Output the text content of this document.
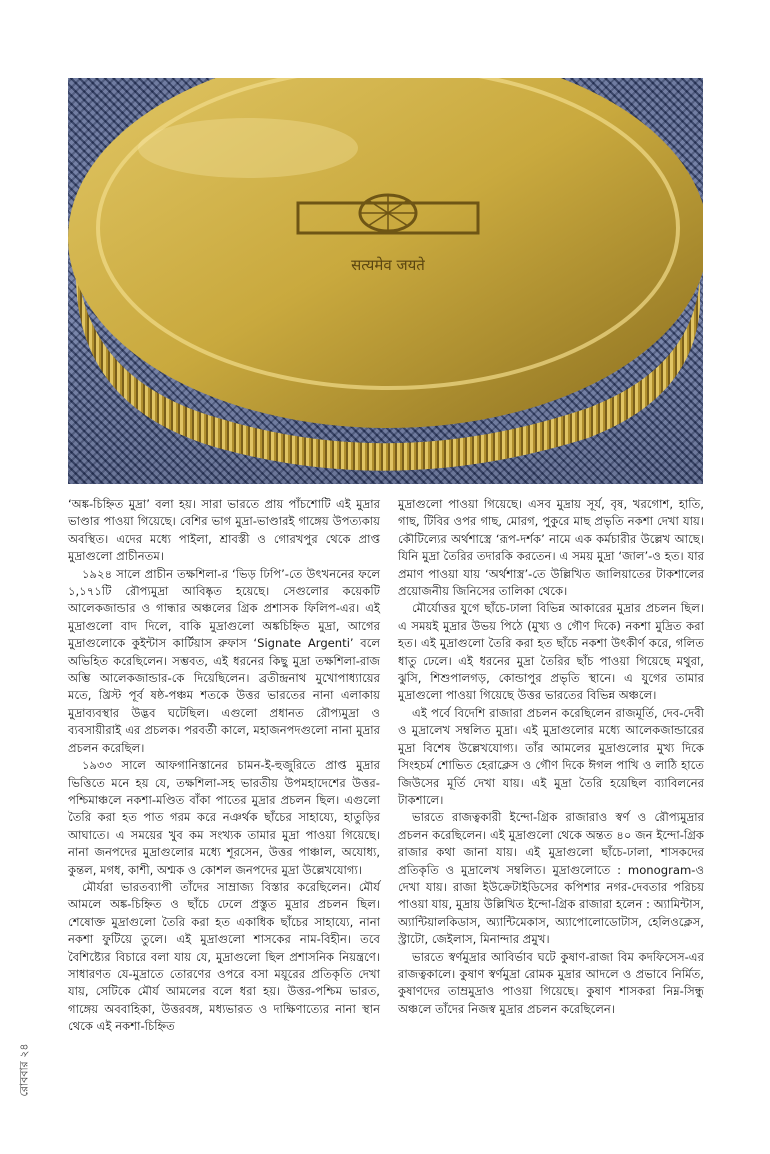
सत्यमेव जयते

‘অঙ্ক-চিহ্নিত মুদ্রা’ বলা হয়। সারা ভারতে প্রায় পাঁচশোটি এই মুদ্রার ভাণ্ডার পাওয়া গিয়েছে। বেশির ভাগ মুদ্রা-ভাণ্ডারই গাঙ্গেয় উপত্যকায় অবস্থিত। এদের মধ্যে পাইলা, শ্রাবস্তী ও গোরখপুর থেকে প্রাপ্ত মুদ্রাগুলো প্রাচীনতম।

১৯২৪ সালে প্রাচীন তক্ষশিলা-র ‘ভিড় ঢিপি’-তে উৎখননের ফলে ১,১৭১টি রৌপ্যমুদ্রা আবিষ্কৃত হয়েছে। সেগুলোর কয়েকটি আলেকজান্ডার ও গান্ধার অঞ্চলের গ্রিক প্রশাসক ফিলিপ-এর। এই মুদ্রাগুলো বাদ দিলে, বাকি মুদ্রাগুলো অঙ্কচিহ্নিত মুদ্রা, আগের মুদ্রাগুলোকে কুইন্টাস কার্টিয়াস রুফাস ‘Signate Argenti’ বলে অভিহিত করেছিলেন। সম্ভবত, এই ধরনের কিছু মুদ্রা তক্ষশিলা-রাজ অম্ভি আলেকজান্ডার-কে দিয়েছিলেন। ব্রতীন্দ্রনাথ মুখোপাধ্যায়ের মতে, খ্রিস্ট পূর্ব ষষ্ঠ-পঞ্চম শতকে উত্তর ভারতের নানা এলাকায় মুদ্রাব্যবস্থার উদ্ভব ঘটেছিল। এগুলো প্রধানত রৌপ্যমুদ্রা ও ব্যবসায়ীরাই এর প্রচলক। পরবর্তী কালে, মহাজনপদগুলো নানা মুদ্রার প্রচলন করেছিল।

১৯৩৩ সালে আফগানিস্তানের চামন-ই-হুজুরিতে প্রাপ্ত মুদ্রার ভিত্তিতে মনে হয় যে, তক্ষশিলা-সহ ভারতীয় উপমহাদেশের উত্তর-পশ্চিমাঞ্চলে নকশা-মণ্ডিত বাঁকা পাতের মুদ্রার প্রচলন ছিল। এগুলো তৈরি করা হত পাত গরম করে নঞর্থক ছাঁচের সাহায্যে, হাতুড়ির আঘাতে। এ সময়ের খুব কম সংখ্যক তামার মুদ্রা পাওয়া গিয়েছে। নানা জনপদের মুদ্রাগুলোর মধ্যে শূরসেন, উত্তর পাঞ্চাল, অযোধ্য, কুন্তল, মগধ, কাশী, অশ্মক ও কোশল জনপদের মুদ্রা উল্লেখযোগ্য।

মৌর্যরা ভারতব্যাপী তাঁদের সাম্রাজ্য বিস্তার করেছিলেন। মৌর্য আমলে অঙ্ক-চিহ্নিত ও ছাঁচে ঢেলে প্রস্তুত মুদ্রার প্রচলন ছিল। শেষোক্ত মুদ্রাগুলো তৈরি করা হত একাধিক ছাঁচের সাহায্যে, নানা নকশা ফুটিয়ে তুলে। এই মুদ্রাগুলো শাসকের নাম-বিহীন। তবে বৈশিষ্ট্যের বিচারে বলা যায় যে, মুদ্রাগুলো ছিল প্রশাসনিক নিয়ন্ত্রণে। সাধারণত যে-মুদ্রাতে তোরণের ওপরে বসা ময়ূরের প্রতিকৃতি দেখা যায়, সেটিকে মৌর্য আমলের বলে ধরা হয়। উত্তর-পশ্চিম ভারত, গাঙ্গেয় অববাহিকা, উত্তরবঙ্গ, মধ্যভারত ও দাক্ষিণাত্যের নানা স্থান থেকে এই নকশা-চিহ্নিত

মুদ্রাগুলো পাওয়া গিয়েছে। এসব মুদ্রায় সূর্য, বৃষ, খরগোশ, হাতি, গাছ, টিবির ওপর গাছ, মোরগ, পুকুরে মাছ প্রভৃতি নকশা দেখা যায়। কৌটিল্যের অর্থশাস্ত্রে ‘রূপ-দর্শক’ নামে এক কর্মচারীর উল্লেখ আছে। যিনি মুদ্রা তৈরির তদারকি করতেন। এ সময় মুদ্রা ‘জাল’-ও হত। যার প্রমাণ পাওয়া যায় ‘অর্থশাস্ত্র’-তে উল্লিখিত জালিয়াতের টাকশালের প্রয়োজনীয় জিনিসের তালিকা থেকে।

মৌর্যোত্তর যুগে ছাঁচে-ঢালা বিভিন্ন আকারের মুদ্রার প্রচলন ছিল। এ সময়ই মুদ্রার উভয় পিঠে (মুখ্য ও গৌণ দিকে) নকশা মুদ্রিত করা হত। এই মুদ্রাগুলো তৈরি করা হত ছাঁচে নকশা উৎকীর্ণ করে, গলিত ধাতু ঢেলে। এই ধরনের মুদ্রা তৈরির ছাঁচ পাওয়া গিয়েছে মথুরা, ঝুসি, শিশুপালগড়, কোন্ডাপুর প্রভৃতি স্থানে। এ যুগের তামার মুদ্রাগুলো পাওয়া গিয়েছে উত্তর ভারতের বিভিন্ন অঞ্চলে।

এই পর্বে বিদেশি রাজারা প্রচলন করেছিলেন রাজমূর্তি, দেব-দেবী ও মুদ্রালেখ সম্বলিত মুদ্রা। এই মুদ্রাগুলোর মধ্যে আলেকজান্ডারের মুদ্রা বিশেষ উল্লেখযোগ্য। তাঁর আমলের মুদ্রাগুলোর মুখ্য দিকে সিংহচর্ম শোভিত হেরাক্লেস ও গৌণ দিকে ঈগল পাখি ও লাঠি হাতে জিউসের মূর্তি দেখা যায়। এই মুদ্রা তৈরি হয়েছিল ব্যাবিলনের টাকশালে।

ভারতে রাজত্বকারী ইন্দো-গ্রিক রাজারাও স্বর্ণ ও রৌপ্যমুদ্রার প্রচলন করেছিলেন। এই মুদ্রাগুলো থেকে অন্তত ৪০ জন ইন্দো-গ্রিক রাজার কথা জানা যায়। এই মুদ্রাগুলো ছাঁচে-ঢালা, শাসকদের প্রতিকৃতি ও মুদ্রালেখ সম্বলিত। মুদ্রাগুলোতে : monogram-ও দেখা যায়। রাজা ইউক্রেটাইডিসের কপিশার নগর-দেবতার পরিচয় পাওয়া যায়, মুদ্রায় উল্লিখিত ইন্দো-গ্রিক রাজারা হলেন : অ্যামিন্টাস, অ্যান্টিয়ালকিডাস, অ্যান্টিমেকাস, অ্যাপোলোডোটাস, হেলিওক্লেস, স্ট্রাটো, জেইলাস, মিনান্দার প্রমুখ।

ভারতে স্বর্ণমুদ্রার আবির্ভাব ঘটে কুষাণ-রাজা বিম কদফিসেস-এর রাজত্বকালে। কুষাণ স্বর্ণমুদ্রা রোমক মুদ্রার আদলে ও প্রভাবে নির্মিত, কুষাণদের তাম্রমুদ্রাও পাওয়া গিয়েছে। কুষাণ শাসকরা নিম্ন-সিন্ধু অঞ্চলে তাঁদের নিজস্ব মুদ্রার প্রচলন করেছিলেন।

রোববার ২৪
